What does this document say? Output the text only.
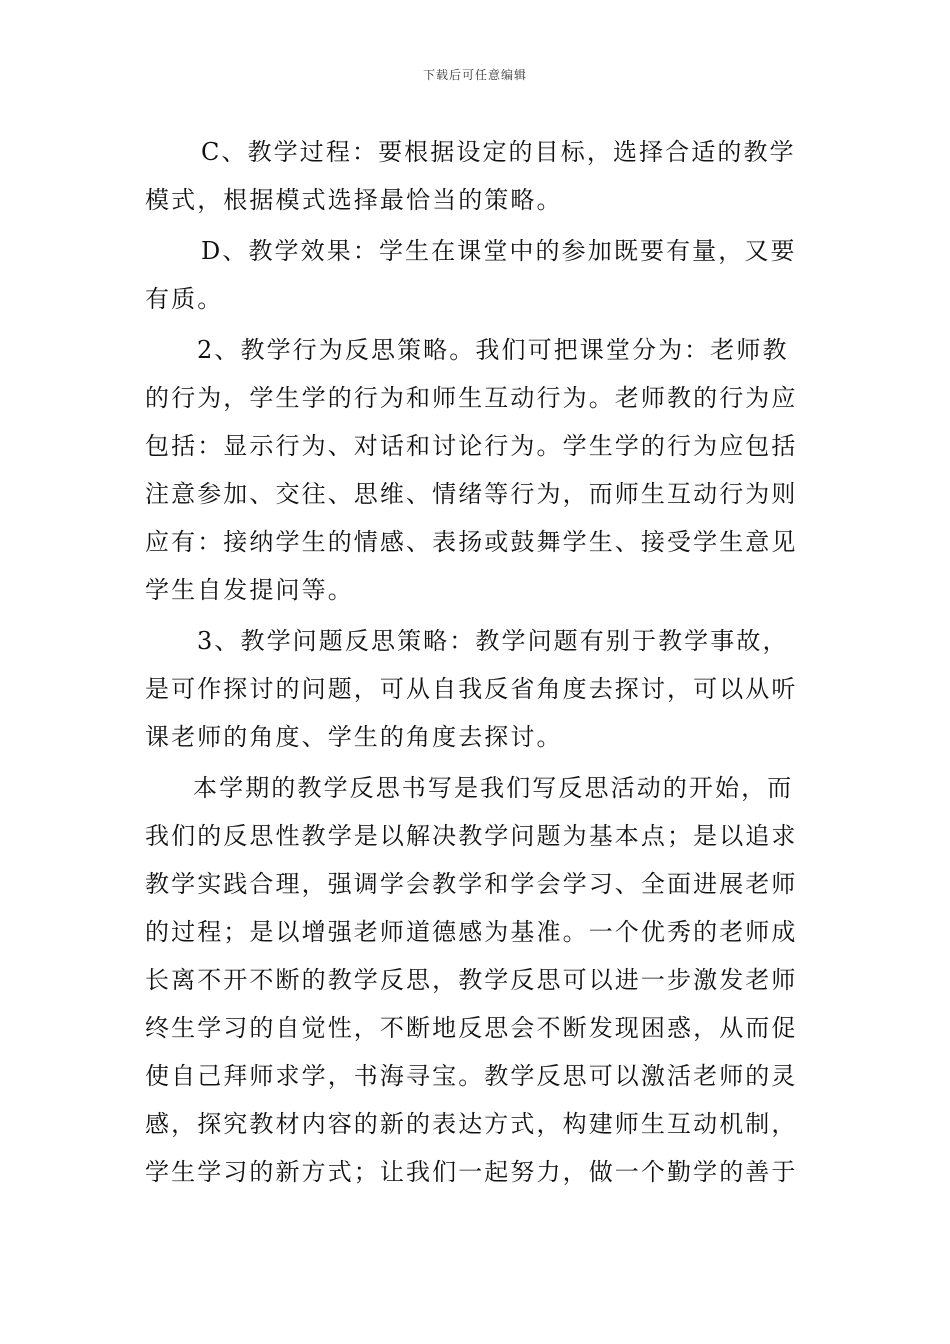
下载后可任意编辑
C、教学过程：要根据设定的目标，选择合适的教学
模式，根据模式选择最恰当的策略。
D、教学效果：学生在课堂中的参加既要有量，又要
有质。
2、教学行为反思策略。我们可把课堂分为：老师教
的行为，学生学的行为和师生互动行为。老师教的行为应
包括：显示行为、对话和讨论行为。学生学的行为应包括
注意参加、交往、思维、情绪等行为，而师生互动行为则
应有：接纳学生的情感、表扬或鼓舞学生、接受学生意见
学生自发提问等。
3、教学问题反思策略：教学问题有别于教学事故，
是可作探讨的问题，可从自我反省角度去探讨，可以从听
课老师的角度、学生的角度去探讨。
本学期的教学反思书写是我们写反思活动的开始，而
我们的反思性教学是以解决教学问题为基本点；是以追求
教学实践合理，强调学会教学和学会学习、全面进展老师
的过程；是以增强老师道德感为基准。一个优秀的老师成
长离不开不断的教学反思，教学反思可以进一步激发老师
终生学习的自觉性，不断地反思会不断发现困惑，从而促
使自己拜师求学，书海寻宝。教学反思可以激活老师的灵
感，探究教材内容的新的表达方式，构建师生互动机制，
学生学习的新方式；让我们一起努力，做一个勤学的善于
